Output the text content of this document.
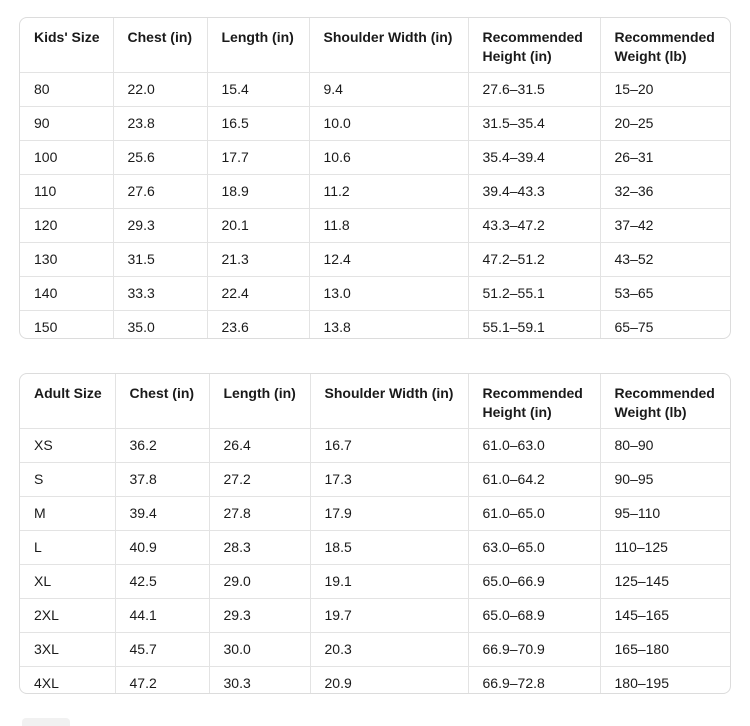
Kids' Size	Chest (in)	Length (in)	Shoulder Width (in)	Recommended Height (in)	Recommended Weight (lb)
80	22.0	15.4	9.4	27.6–31.5	15–20
90	23.8	16.5	10.0	31.5–35.4	20–25
100	25.6	17.7	10.6	35.4–39.4	26–31
110	27.6	18.9	11.2	39.4–43.3	32–36
120	29.3	20.1	11.8	43.3–47.2	37–42
130	31.5	21.3	12.4	47.2–51.2	43–52
140	33.3	22.4	13.0	51.2–55.1	53–65
150	35.0	23.6	13.8	55.1–59.1	65–75
Adult Size	Chest (in)	Length (in)	Shoulder Width (in)	Recommended Height (in)	Recommended Weight (lb)
XS	36.2	26.4	16.7	61.0–63.0	80–90
S	37.8	27.2	17.3	61.0–64.2	90–95
M	39.4	27.8	17.9	61.0–65.0	95–110
L	40.9	28.3	18.5	63.0–65.0	110–125
XL	42.5	29.0	19.1	65.0–66.9	125–145
2XL	44.1	29.3	19.7	65.0–68.9	145–165
3XL	45.7	30.0	20.3	66.9–70.9	165–180
4XL	47.2	30.3	20.9	66.9–72.8	180–195
